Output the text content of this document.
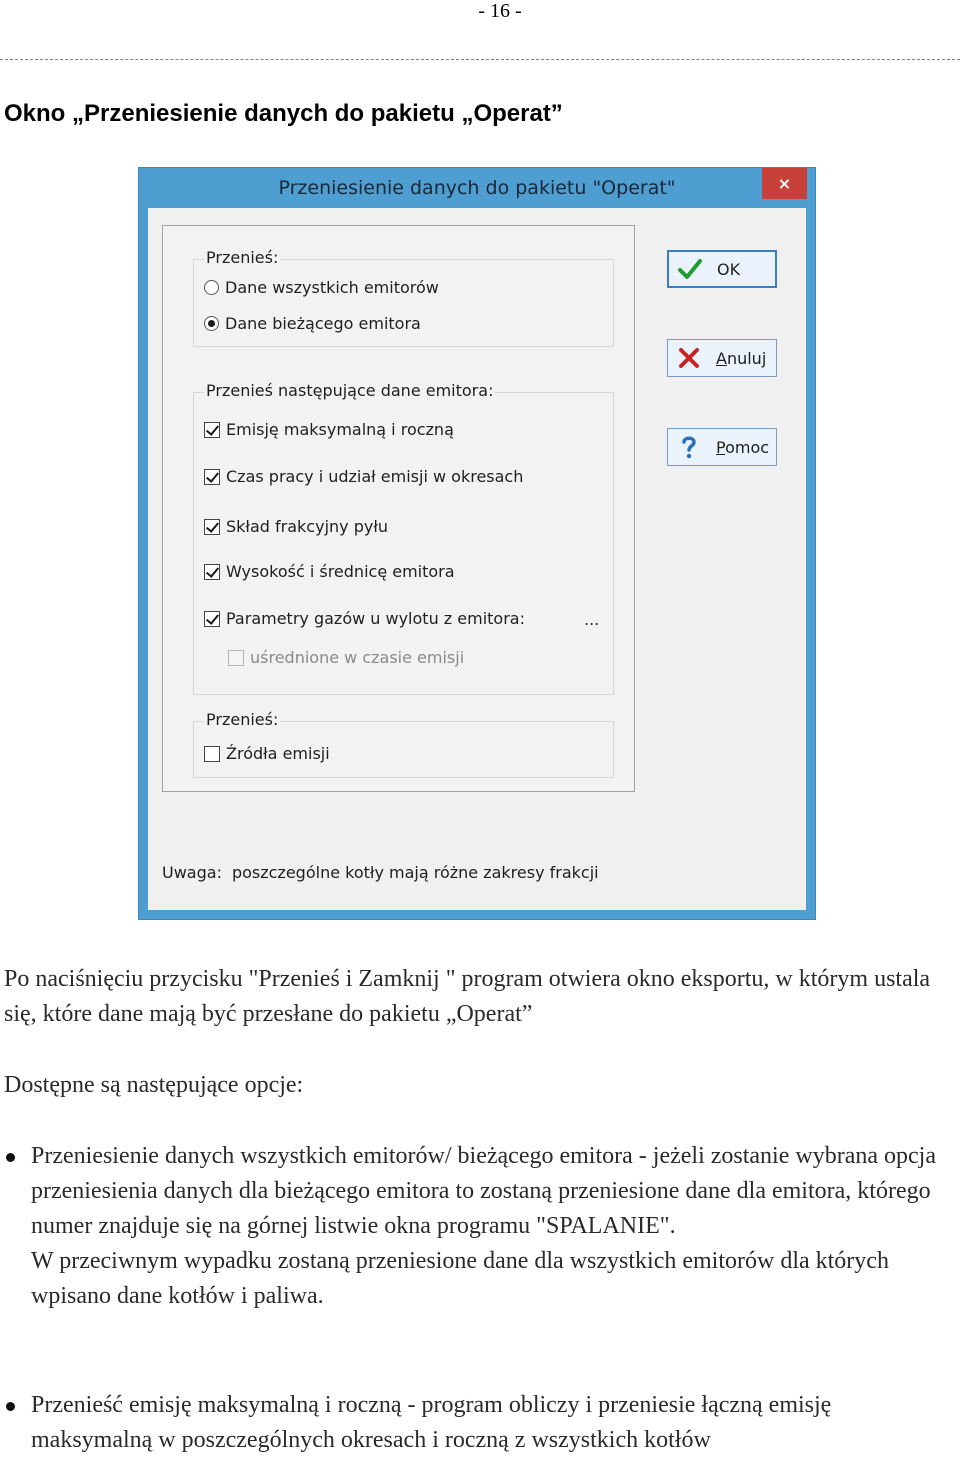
- 16 -
Okno „Przeniesienie danych do pakietu „Operat”
Przeniesienie danych do pakietu "Operat"	×
Przenieś:
Dane wszystkich emitorów
Dane bieżącego emitora
Przenieś następujące dane emitora:
Emisję maksymalną i roczną
Czas pracy i udział emisji w okresach
Skład frakcyjny pyłu
Wysokość i średnicę emitora
Parametry gazów u wylotu z emitora:	...
uśrednione w czasie emisji
Przenieś:
Źródła emisji
OK
Anuluj
Pomoc
Uwaga: poszczególne kotły mają różne zakresy frakcji

Po naciśnięciu przycisku "Przenieś i Zamknij " program otwiera okno eksportu, w którym ustala się, które dane mają być przesłane do pakietu „Operat”

Dostępne są następujące opcje:

Przeniesienie danych wszystkich emitorów/ bieżącego emitora - jeżeli zostanie wybrana opcja przeniesienia danych dla bieżącego emitora to zostaną przeniesione dane dla emitora, którego numer znajduje się na górnej listwie okna programu "SPALANIE".
W przeciwnym wypadku zostaną przeniesione dane dla wszystkich emitorów dla których wpisano dane kotłów i paliwa.

Przenieść emisję maksymalną i roczną - program obliczy i przeniesie łączną emisję maksymalną w poszczególnych okresach i roczną z wszystkich kotłów
